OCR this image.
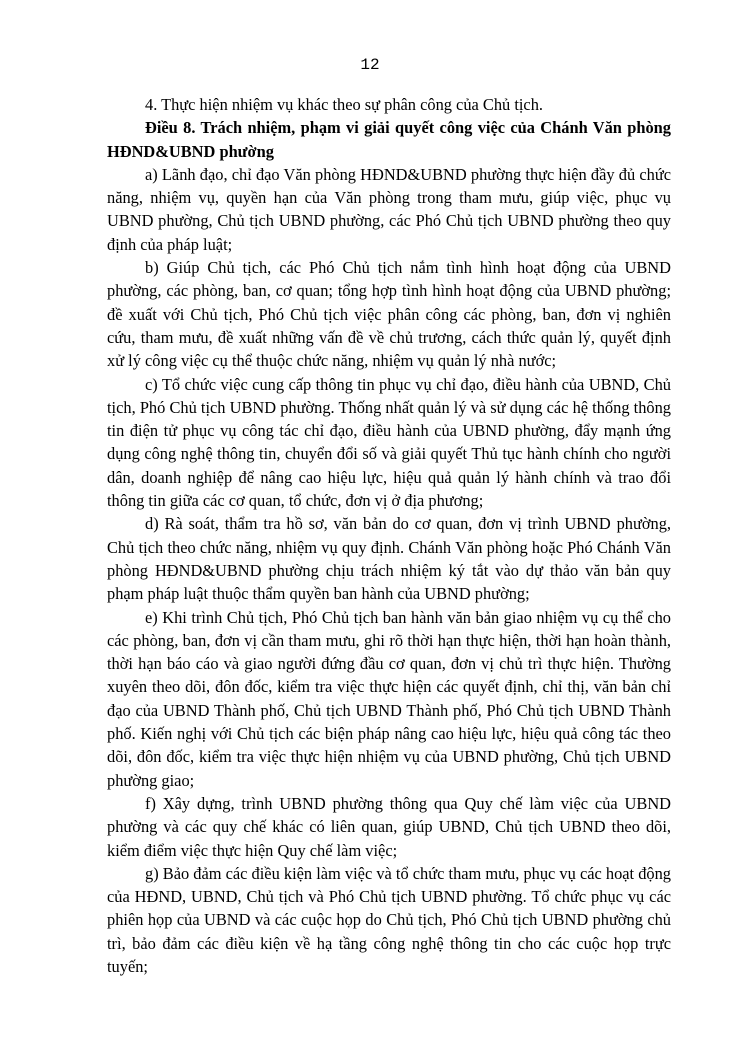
12

4. Thực hiện nhiệm vụ khác theo sự phân công của Chủ tịch.

Điều 8. Trách nhiệm, phạm vi giải quyết công việc của Chánh Văn phòng HĐND&UBND phường

a) Lãnh đạo, chỉ đạo Văn phòng HĐND&UBND phường thực hiện đầy đủ chức năng, nhiệm vụ, quyền hạn của Văn phòng trong tham mưu, giúp việc, phục vụ UBND phường, Chủ tịch UBND phường, các Phó Chủ tịch UBND phường theo quy định của pháp luật;

b) Giúp Chủ tịch, các Phó Chủ tịch nắm tình hình hoạt động của UBND phường, các phòng, ban, cơ quan; tổng hợp tình hình hoạt động của UBND phường; đề xuất với Chủ tịch, Phó Chủ tịch việc phân công các phòng, ban, đơn vị nghiên cứu, tham mưu, đề xuất những vấn đề về chủ trương, cách thức quản lý, quyết định xử lý công việc cụ thể thuộc chức năng, nhiệm vụ quản lý nhà nước;

c) Tổ chức việc cung cấp thông tin phục vụ chỉ đạo, điều hành của UBND, Chủ tịch, Phó Chủ tịch UBND phường. Thống nhất quản lý và sử dụng các hệ thống thông tin điện tử phục vụ công tác chỉ đạo, điều hành của UBND phường, đẩy mạnh ứng dụng công nghệ thông tin, chuyển đổi số và giải quyết Thủ tục hành chính cho người dân, doanh nghiệp để nâng cao hiệu lực, hiệu quả quản lý hành chính và trao đổi thông tin giữa các cơ quan, tổ chức, đơn vị ở địa phương;

d) Rà soát, thẩm tra hồ sơ, văn bản do cơ quan, đơn vị trình UBND phường, Chủ tịch theo chức năng, nhiệm vụ quy định. Chánh Văn phòng hoặc Phó Chánh Văn phòng HĐND&UBND phường chịu trách nhiệm ký tắt vào dự thảo văn bản quy phạm pháp luật thuộc thẩm quyền ban hành của UBND phường;

e) Khi trình Chủ tịch, Phó Chủ tịch ban hành văn bản giao nhiệm vụ cụ thể cho các phòng, ban, đơn vị cần tham mưu, ghi rõ thời hạn thực hiện, thời hạn hoàn thành, thời hạn báo cáo và giao người đứng đầu cơ quan, đơn vị chủ trì thực hiện. Thường xuyên theo dõi, đôn đốc, kiểm tra việc thực hiện các quyết định, chỉ thị, văn bản chỉ đạo của UBND Thành phố, Chủ tịch UBND Thành phố, Phó Chủ tịch UBND Thành phố. Kiến nghị với Chủ tịch các biện pháp nâng cao hiệu lực, hiệu quả công tác theo dõi, đôn đốc, kiểm tra việc thực hiện nhiệm vụ của UBND phường, Chủ tịch UBND phường giao;

f) Xây dựng, trình UBND phường thông qua Quy chế làm việc của UBND phường và các quy chế khác có liên quan, giúp UBND, Chủ tịch UBND theo dõi, kiểm điểm việc thực hiện Quy chế làm việc;

g) Bảo đảm các điều kiện làm việc và tổ chức tham mưu, phục vụ các hoạt động của HĐND, UBND, Chủ tịch và Phó Chủ tịch UBND phường. Tổ chức phục vụ các phiên họp của UBND và các cuộc họp do Chủ tịch, Phó Chủ tịch UBND phường chủ trì, bảo đảm các điều kiện về hạ tầng công nghệ thông tin cho các cuộc họp trực tuyến;
